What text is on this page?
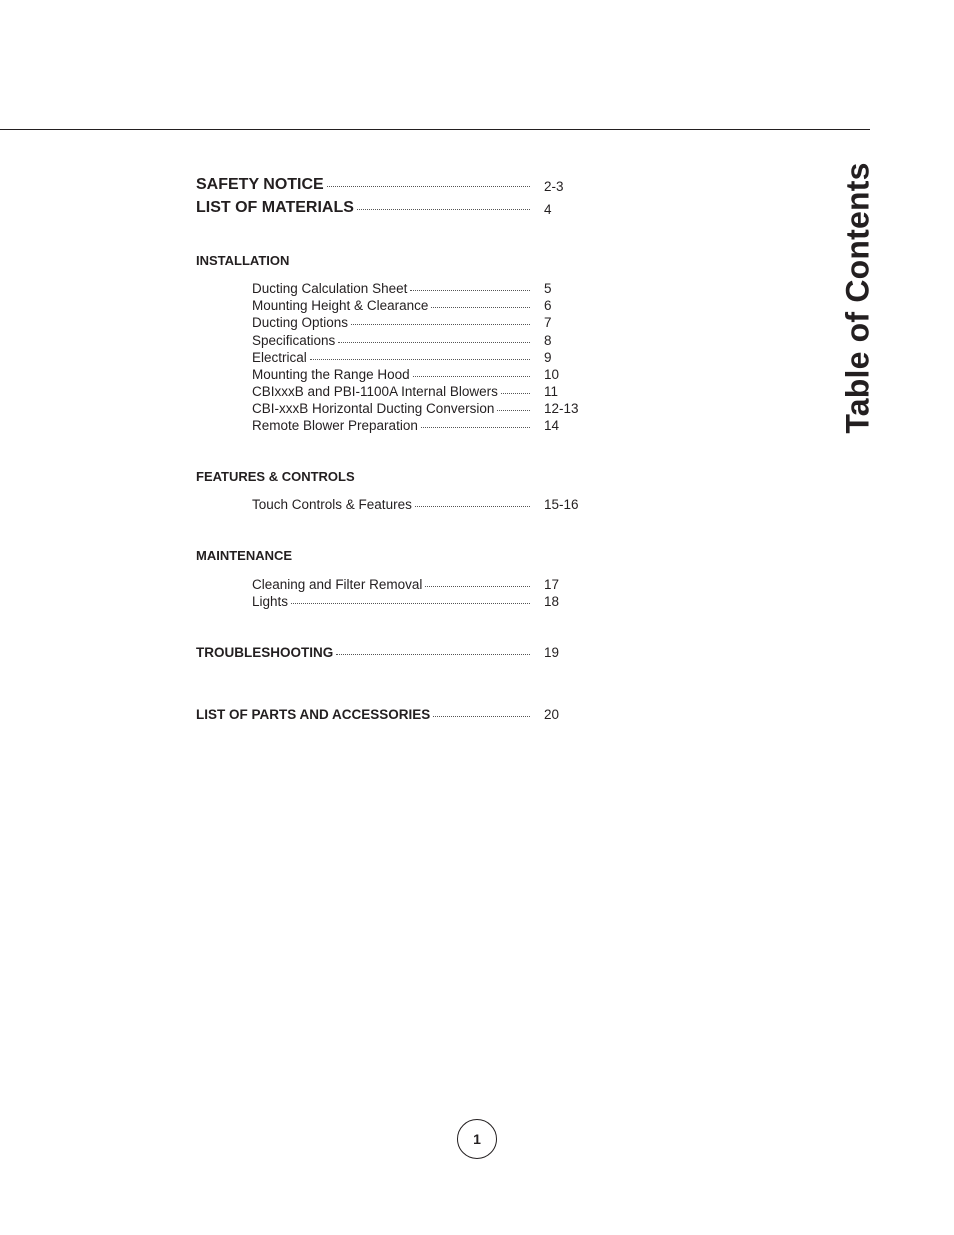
Table of Contents
SAFETY NOTICE	2-3
LIST OF MATERIALS	4
INSTALLATION
Ducting Calculation Sheet	5
Mounting Height & Clearance	6
Ducting Options	7
Specifications	8
Electrical	9
Mounting the Range Hood	10
CBIxxxB and PBI-1100A Internal Blowers	11
CBI-xxxB Horizontal Ducting Conversion	12-13
Remote Blower Preparation	14
FEATURES & CONTROLS
Touch Controls & Features	15-16
MAINTENANCE
Cleaning and Filter Removal	17
Lights	18
TROUBLESHOOTING	19
LIST OF PARTS AND ACCESSORIES	20
1
